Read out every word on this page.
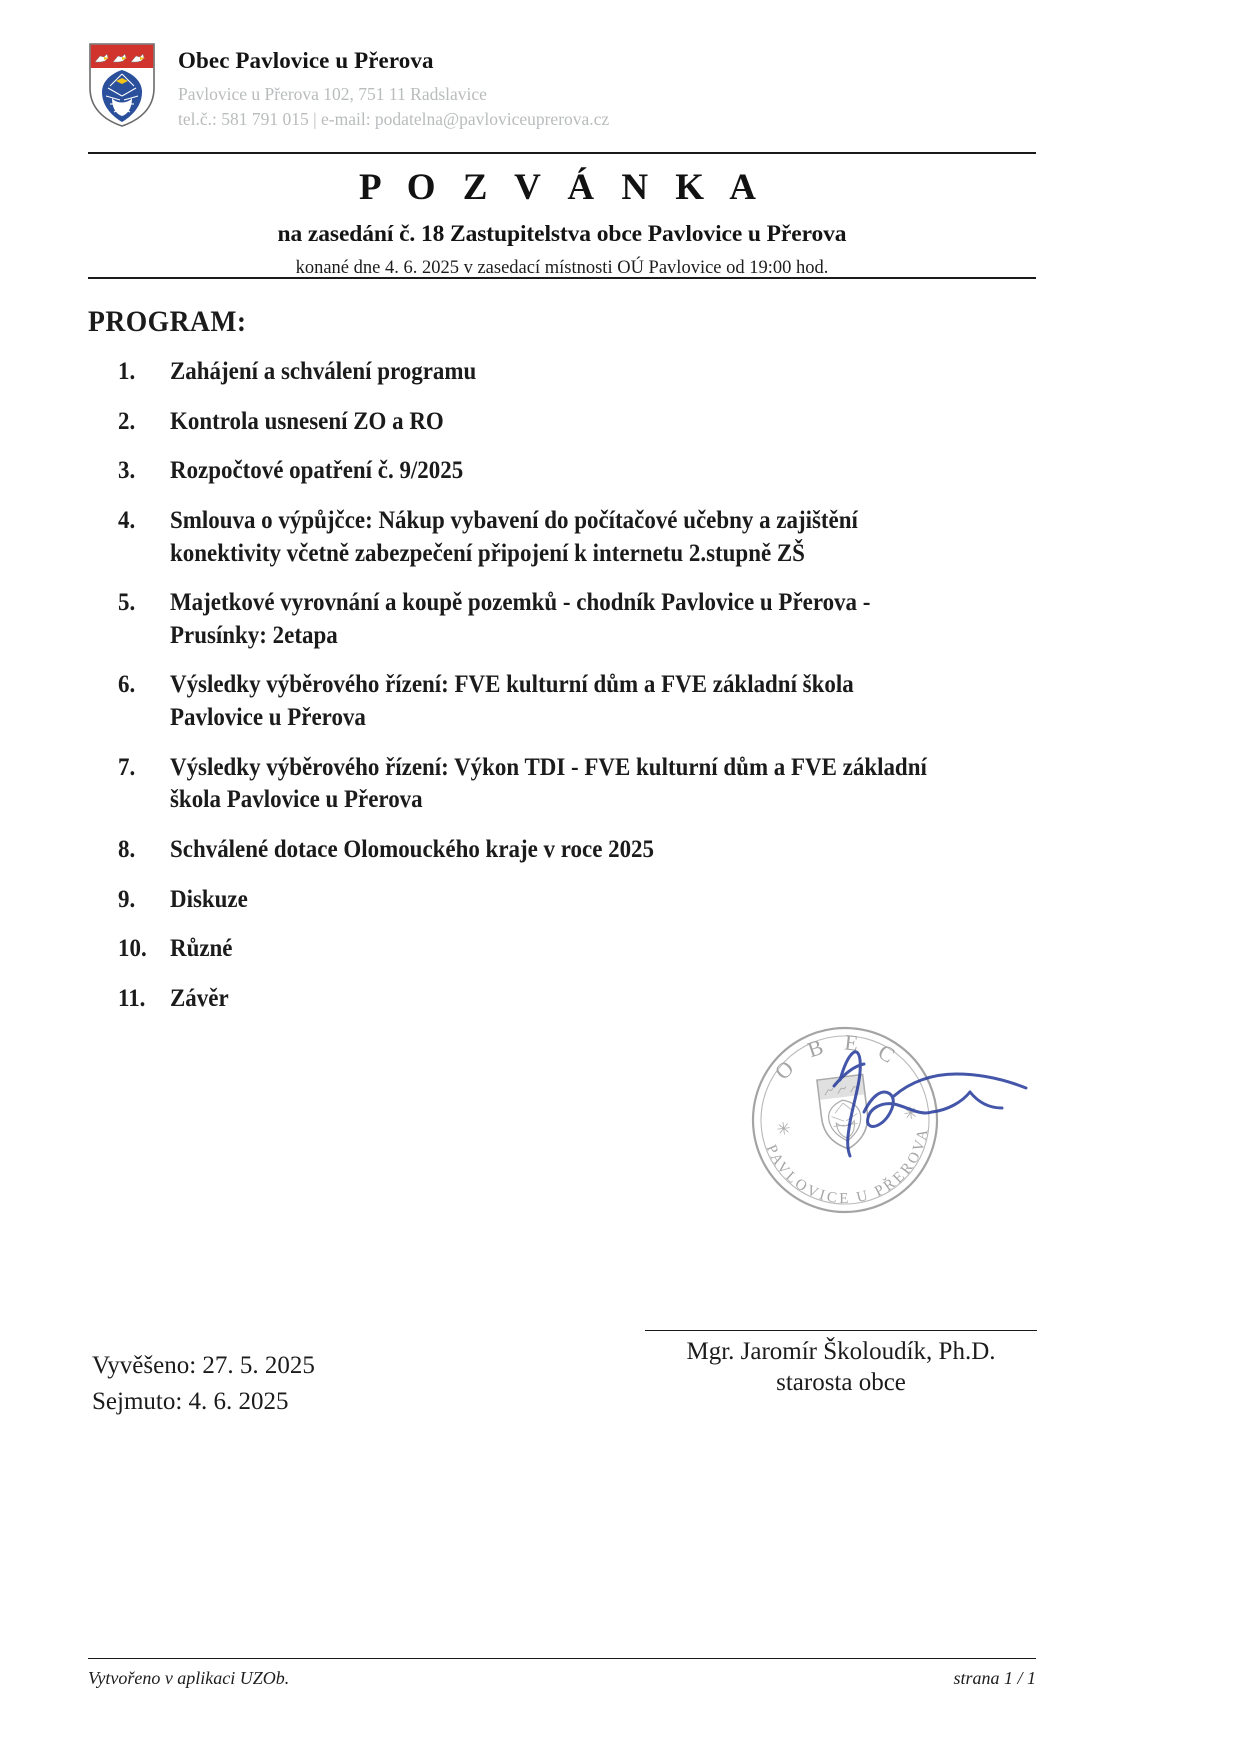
Obec Pavlovice u Přerova
Pavlovice u Přerova 102, 751 11 Radslavice
tel.č.: 581 791 015 | e-mail: podatelna@pavloviceuprerova.cz
P O Z V Á N K A
na zasedání č. 18 Zastupitelstva obce Pavlovice u Přerova
konané dne 4. 6. 2025 v zasedací místnosti OÚ Pavlovice od 19:00 hod.
PROGRAM:
1.	Zahájení a schválení programu
2.	Kontrola usnesení ZO a RO
3.	Rozpočtové opatření č. 9/2025
4.	Smlouva o výpůjčce: Nákup vybavení do počítačové učebny a zajištění konektivity včetně zabezpečení připojení k internetu 2.stupně ZŠ
5.	Majetkové vyrovnání a koupě pozemků - chodník Pavlovice u Přerova - Prusínky: 2etapa
6.	Výsledky výběrového řízení: FVE kulturní dům a FVE základní škola Pavlovice u Přerova
7.	Výsledky výběrového řízení: Výkon TDI - FVE kulturní dům a FVE základní škola Pavlovice u Přerova
8.	Schválené dotace Olomouckého kraje v roce 2025
9.	Diskuze
10. Různé
11. Závěr
O B E C
PAVLOVICE U PŘEROVA
✳
✳
Vyvěšeno: 27. 5. 2025
Sejmuto: 4. 6. 2025
Mgr. Jaromír Školoudík, Ph.D.
starosta obce
Vytvořeno v aplikaci UZOb.	strana 1 / 1
